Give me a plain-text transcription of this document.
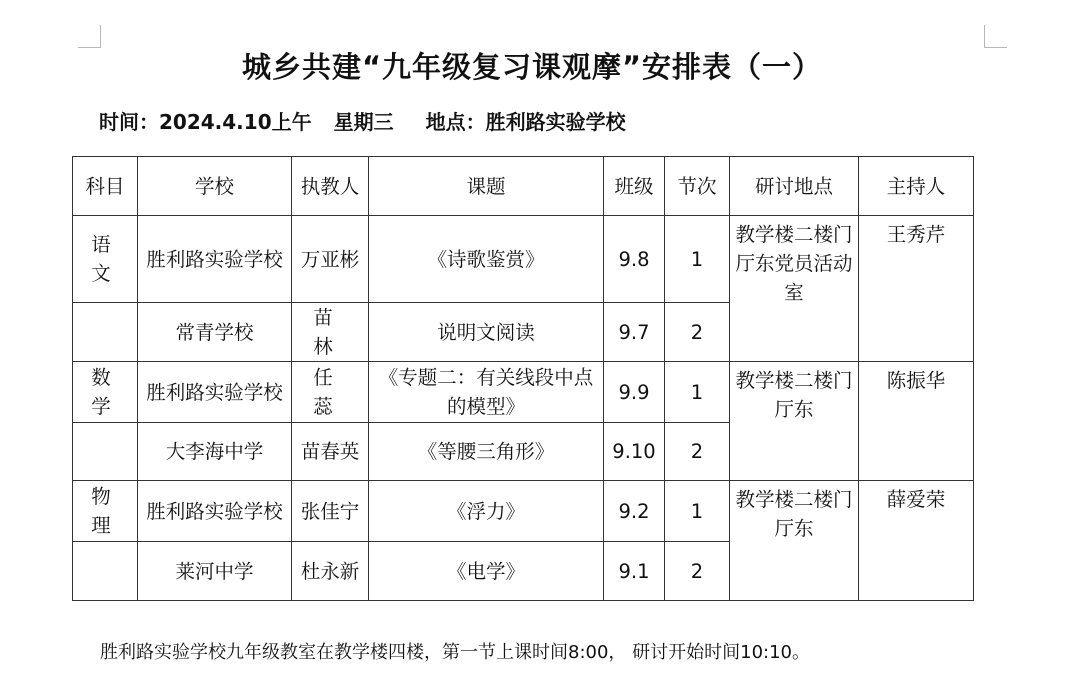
城乡共建“九年级复习课观摩”安排表（一）
时间：2024.4.10上午 星期三 地点：胜利路实验学校
科目	学校	执教人	课题	班级	节次	研讨地点	主持人
语 文	胜利路实验学校	万亚彬	《诗歌鉴赏》	9.8	1	教学楼二楼门厅东党员活动室	王秀芹
	常青学校	苗 林	说明文阅读	9.7	2		
数 学	胜利路实验学校	任 蕊	《专题二：有关线段中点的模型》	9.9	1	教学楼二楼门厅东	陈振华
	大李海中学	苗春英	《等腰三角形》	9.10	2		
物 理	胜利路实验学校	张佳宁	《浮力》	9.2	1	教学楼二楼门厅东	薛爱荣
	莱河中学	杜永新	《电学》	9.1	2		
胜利路实验学校九年级教室在教学楼四楼，第一节上课时间8:00， 研讨开始时间10:10。
